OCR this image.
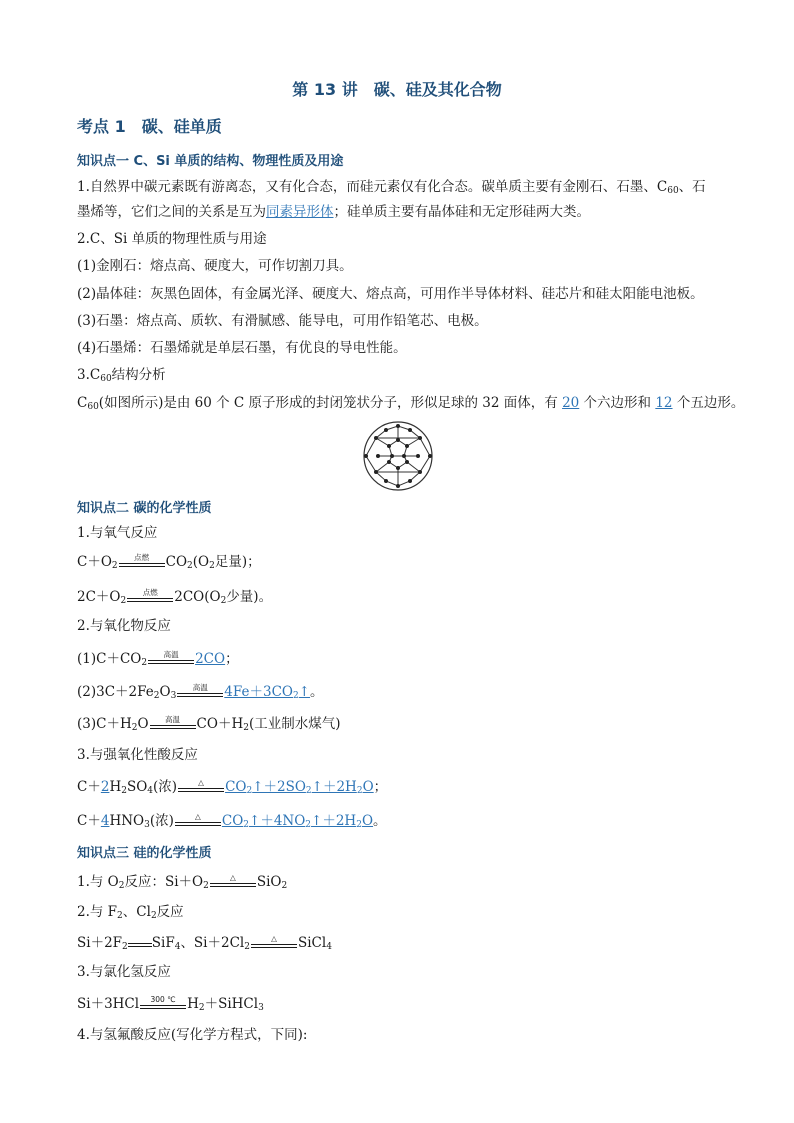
第 13 讲　碳、硅及其化合物
考点 1　碳、硅单质
知识点一 C、Si 单质的结构、物理性质及用途
1.自然界中碳元素既有游离态，又有化合态，而硅元素仅有化合态。碳单质主要有金刚石、石墨、$C_{60}$、石
墨烯等，它们之间的关系是互为同素异形体；硅单质主要有晶体硅和无定形硅两大类。
2.C、Si 单质的物理性质与用途
(1)金刚石：熔点高、硬度大，可作切割刀具。
(2)晶体硅：灰黑色固体，有金属光泽、硬度大、熔点高，可用作半导体材料、硅芯片和硅太阳能电池板。
(3)石墨：熔点高、质软、有滑腻感、能导电，可用作铅笔芯、电极。
(4)石墨烯：石墨烯就是单层石墨，有优良的导电性能。
$3.C_{60}$结构分析
$C_{60}$(如图所示)是由 60 个 C 原子形成的封闭笼状分子，形似足球的 32 面体，有 20 个六边形和 12 个五边形。
知识点二 碳的化学性质
1.与氧气反应
$C+O_2$
点燃	$CO_2(O_2$足量)；
$2C+O_2$
点燃	$2CO(O_2$少量)。
2.与氧化物反应
$(1)C+CO_2$
高温	2CO；
$(2)3C+2Fe_2O_3$
高温	$4Fe+3CO_2↑$。
$(3)C+H_2O$	高温	$CO+H_2$(工业制水煤气)
3.与强氧化性酸反应
$C+2H_2SO_4$(浓)	△	$CO_2↑+2SO_2↑+2H_2O$；
$C+4HNO_3$(浓)	△	$CO_2↑+4NO_2↑+2H_2O$。
知识点三 硅的化学性质
1.与 $O_2$反应：$Si+O_2$
△	SiO$_2$
2.与 $F_2$、$Cl_2$反应
$Si+2F_2$ SiF$_4$、$Si+2Cl_2$
△	SiCl$_4$
3.与氯化氢反应
Si＋3HCl	300 ℃ $H_2+SiHCl_3$
4.与氢氟酸反应(写化学方程式，下同):
